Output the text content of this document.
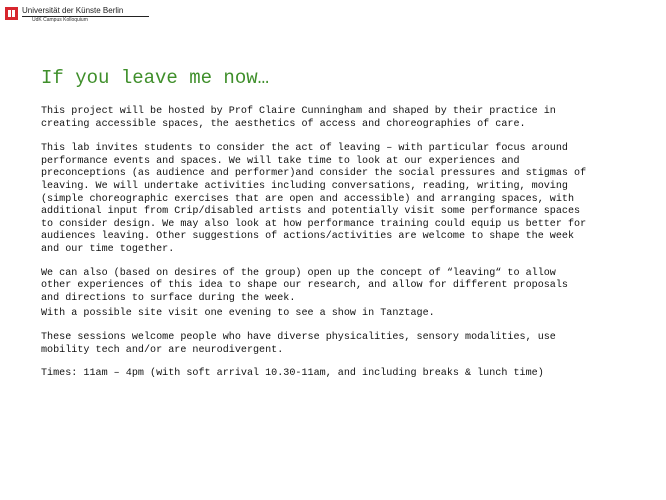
Universität der Künste Berlin
UdK Campus Kolloquium
If you leave me now…

This project will be hosted by Prof Claire Cunningham and shaped by their practice in
creating accessible spaces, the aesthetics of access and choreographies of care.

This lab invites students to consider the act of leaving – with particular focus around
performance events and spaces. We will take time to look at our experiences and
preconceptions (as audience and performer)and consider the social pressures and stigmas of
leaving. We will undertake activities including conversations, reading, writing, moving
(simple choreographic exercises that are open and accessible) and arranging spaces, with
additional input from Crip/disabled artists and potentially visit some performance spaces
to consider design. We may also look at how performance training could equip us better for
audiences leaving. Other suggestions of actions/activities are welcome to shape the week
and our time together.

We can also (based on desires of the group) open up the concept of “leaving“ to allow
other experiences of this idea to shape our research, and allow for different proposals
and directions to surface during the week.

With a possible site visit one evening to see a show in Tanztage.

These sessions welcome people who have diverse physicalities, sensory modalities, use
mobility tech and/or are neurodivergent.

Times: 11am – 4pm (with soft arrival 10.30-11am, and including breaks & lunch time)
